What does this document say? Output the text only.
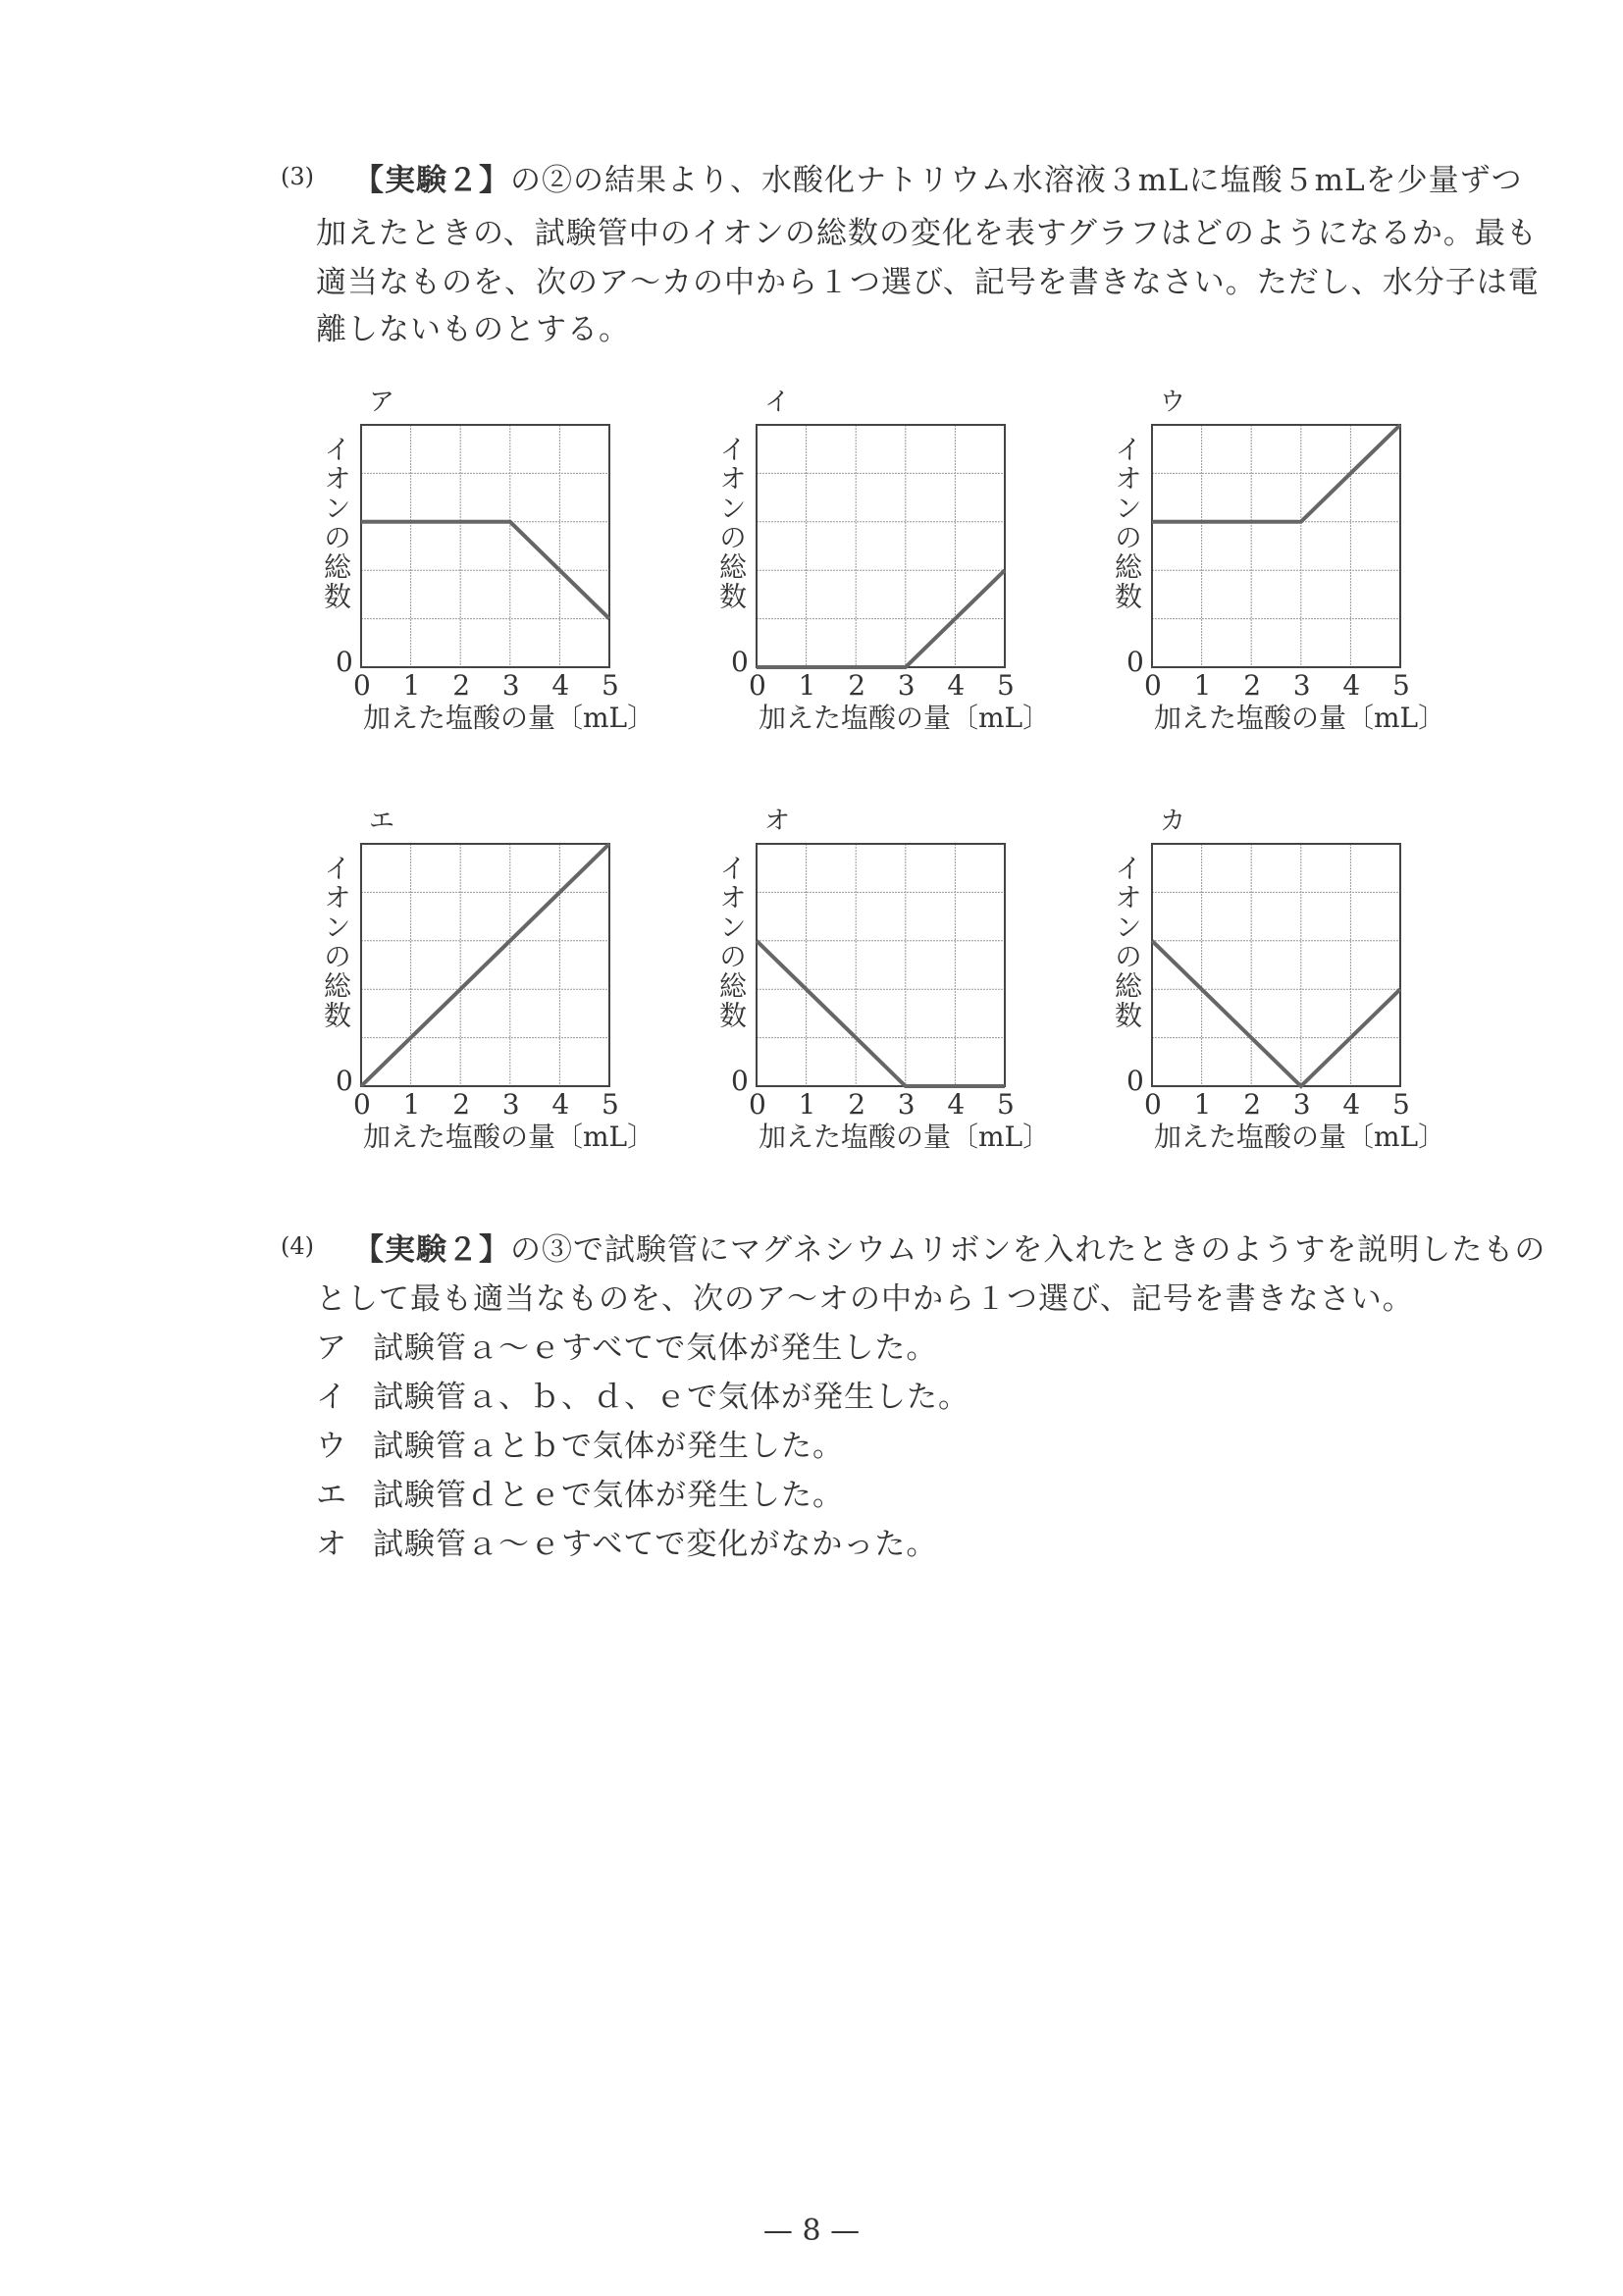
(3) 【実験２】の②の結果より、水酸化ナトリウム水溶液３mLに塩酸５mLを少量ずつ
加えたときの、試験管中のイオンの総数の変化を表すグラフはどのようになるか。最も
適当なものを、次のア～カの中から１つ選び、記号を書きなさい。ただし、水分子は電
離しないものとする。
ア
イオンの総数
0
0 1 2 3 4 5
加えた塩酸の量〔mL〕
イ
イオンの総数
0
0 1 2 3 4 5
加えた塩酸の量〔mL〕
ウ
イオンの総数
0
0 1 2 3 4 5
加えた塩酸の量〔mL〕
エ
イオンの総数
0
0 1 2 3 4 5
加えた塩酸の量〔mL〕
オ
イオンの総数
0
0 1 2 3 4 5
加えた塩酸の量〔mL〕
カ
イオンの総数
0
0 1 2 3 4 5
加えた塩酸の量〔mL〕
(4) 【実験２】の③で試験管にマグネシウムリボンを入れたときのようすを説明したもの
として最も適当なものを、次のア～オの中から１つ選び、記号を書きなさい。
ア 試験管ａ～ｅすべてで気体が発生した。
イ 試験管ａ、ｂ、ｄ、ｅで気体が発生した。
ウ 試験管ａとｂで気体が発生した。
エ 試験管ｄとｅで気体が発生した。
オ 試験管ａ～ｅすべてで変化がなかった。
— 8 —
